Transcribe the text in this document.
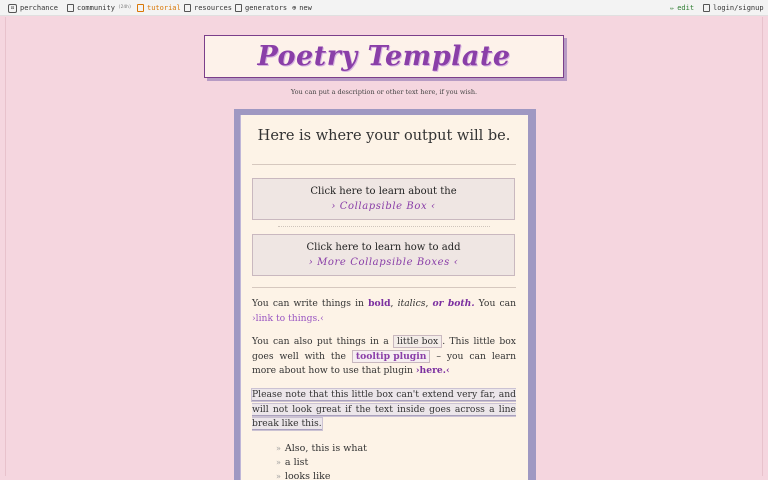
⚄ perchance	community (24h) tutorial resources generators ⊕ new	✏ edit	login/signup
Poetry Template
You can put a description or other text here, if you wish.
Here is where your output will be.
Click here to learn about the
› Collapsible Box ‹
Click here to learn how to add
› More Collapsible Boxes ‹
You can write things in bold, italics, or both. You can ›link to things.‹
You can also put things in a little box . This little box goes well with the tooltip plugin – you can learn more about how to use that plugin ›here.‹
Please note that this little box can't extend very far, and will not look great if the text inside goes across a line break like this.
» Also, this is what
» a list
» looks like
